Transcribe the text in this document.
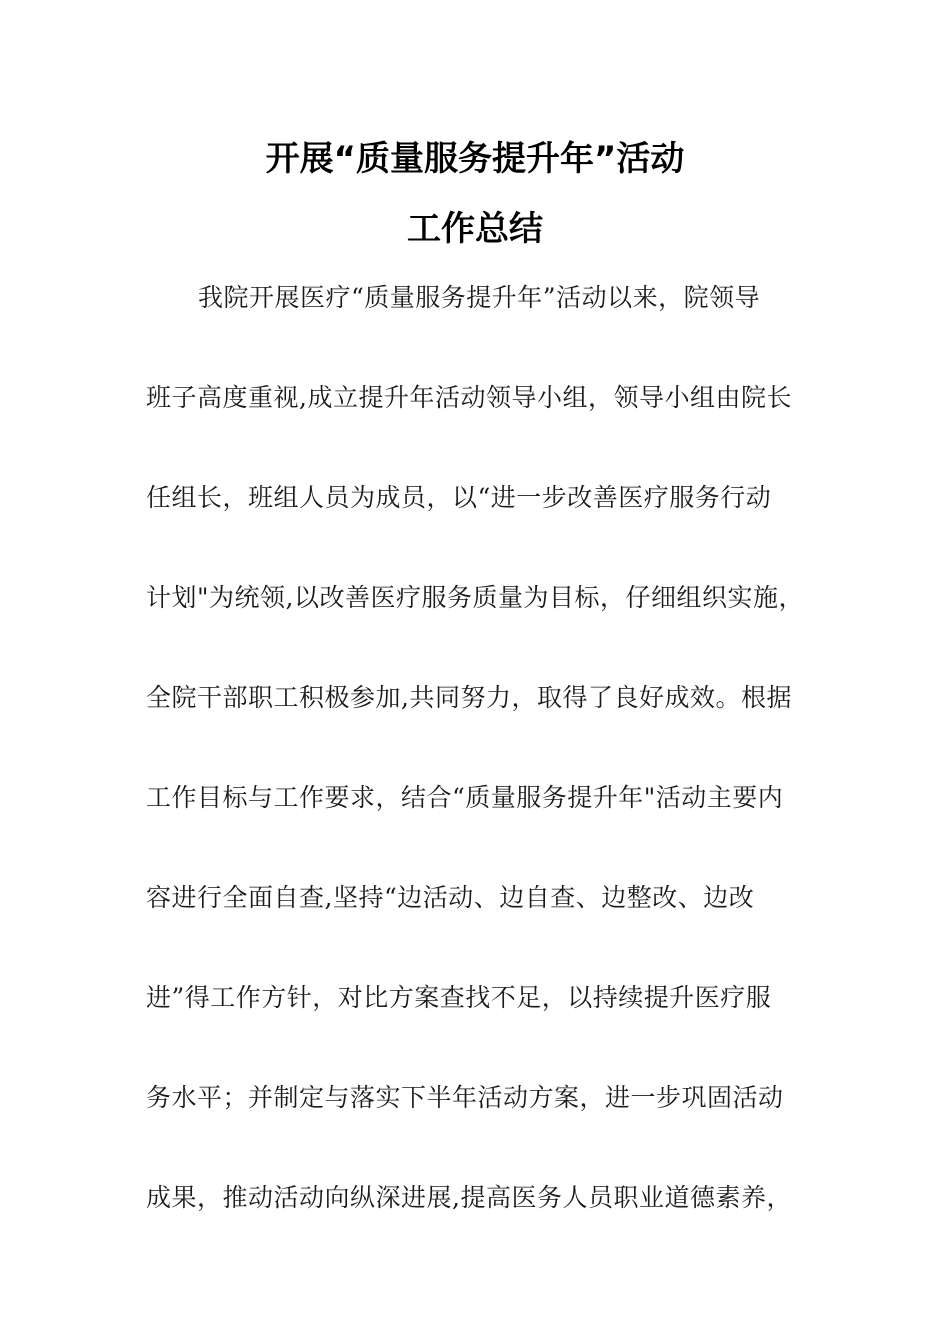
开展“质量服务提升年”活动
工作总结
我院开展医疗“质量服务提升年”活动以来，院领导
班子高度重视,成立提升年活动领导小组，领导小组由院长
任组长，班组人员为成员，以“进一步改善医疗服务行动
计划"为统领,以改善医疗服务质量为目标，仔细组织实施，
全院干部职工积极参加,共同努力，取得了良好成效。根据
工作目标与工作要求，结合“质量服务提升年"活动主要内
容进行全面自查,坚持“边活动、边自查、边整改、边改
进”得工作方针，对比方案查找不足，以持续提升医疗服
务水平；并制定与落实下半年活动方案，进一步巩固活动
成果，推动活动向纵深进展,提高医务人员职业道德素养，
